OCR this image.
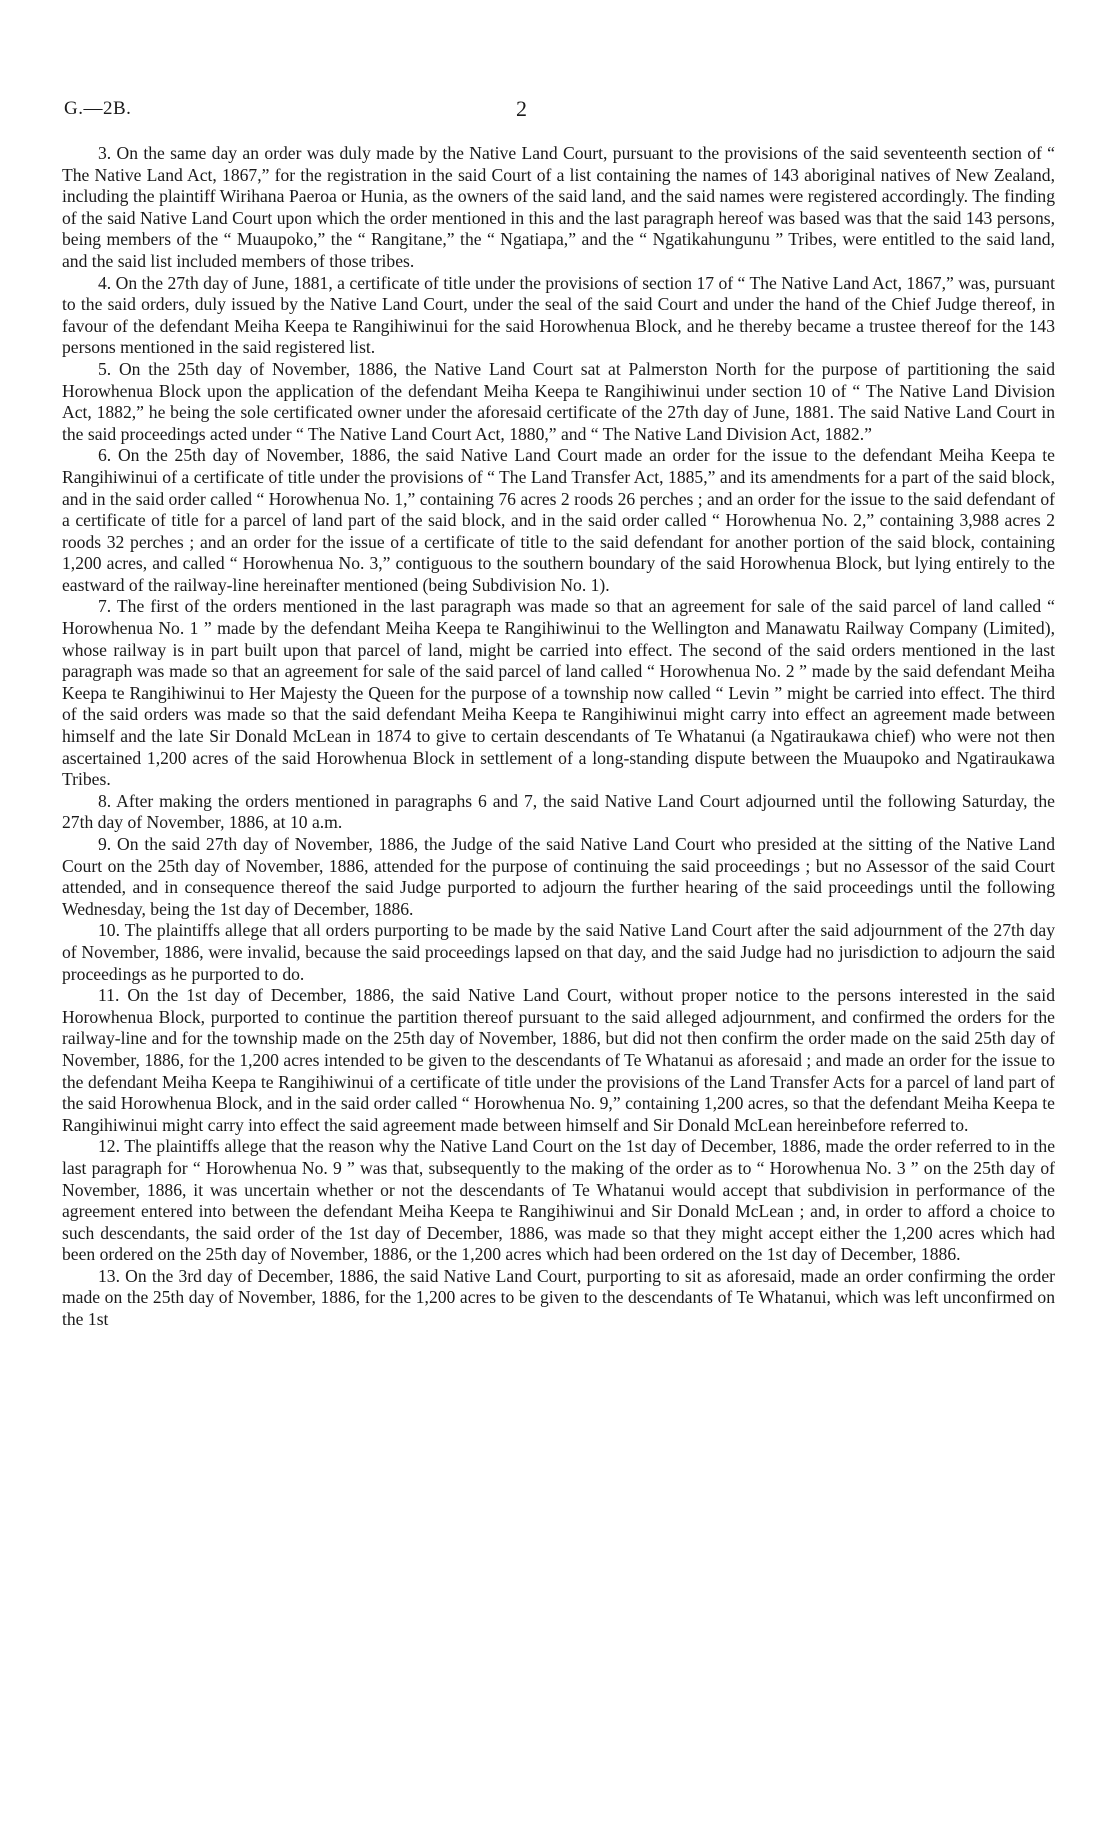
G.—2B.	2

3. On the same day an order was duly made by the Native Land Court, pursuant to the provisions of the said seventeenth section of “ The Native Land Act, 1867,” for the registration in the said Court of a list containing the names of 143 aboriginal natives of New Zealand, including the plaintiff Wirihana Paeroa or Hunia, as the owners of the said land, and the said names were registered accordingly. The finding of the said Native Land Court upon which the order mentioned in this and the last paragraph hereof was based was that the said 143 persons, being members of the “ Muaupoko,” the “ Rangitane,” the “ Ngatiapa,” and the “ Ngatikahungunu ” Tribes, were entitled to the said land, and the said list included members of those tribes.

4. On the 27th day of June, 1881, a certificate of title under the provisions of section 17 of “ The Native Land Act, 1867,” was, pursuant to the said orders, duly issued by the Native Land Court, under the seal of the said Court and under the hand of the Chief Judge thereof, in favour of the defendant Meiha Keepa te Rangihiwinui for the said Horowhenua Block, and he thereby became a trustee thereof for the 143 persons mentioned in the said registered list.

5. On the 25th day of November, 1886, the Native Land Court sat at Palmerston North for the purpose of partitioning the said Horowhenua Block upon the application of the defendant Meiha Keepa te Rangihiwinui under section 10 of “ The Native Land Division Act, 1882,” he being the sole certificated owner under the aforesaid certificate of the 27th day of June, 1881. The said Native Land Court in the said proceedings acted under “ The Native Land Court Act, 1880,” and “ The Native Land Division Act, 1882.”

6. On the 25th day of November, 1886, the said Native Land Court made an order for the issue to the defendant Meiha Keepa te Rangihiwinui of a certificate of title under the provisions of “ The Land Transfer Act, 1885,” and its amendments for a part of the said block, and in the said order called “ Horowhenua No. 1,” containing 76 acres 2 roods 26 perches ; and an order for the issue to the said defendant of a certificate of title for a parcel of land part of the said block, and in the said order called “ Horowhenua No. 2,” containing 3,988 acres 2 roods 32 perches ; and an order for the issue of a certificate of title to the said defendant for another portion of the said block, containing 1,200 acres, and called “ Horowhenua No. 3,” contiguous to the southern boundary of the said Horowhenua Block, but lying entirely to the eastward of the railway-line hereinafter mentioned (being Subdivision No. 1).

7. The first of the orders mentioned in the last paragraph was made so that an agreement for sale of the said parcel of land called “ Horowhenua No. 1 ” made by the defendant Meiha Keepa te Rangihiwinui to the Wellington and Manawatu Railway Company (Limited), whose railway is in part built upon that parcel of land, might be carried into effect. The second of the said orders mentioned in the last paragraph was made so that an agreement for sale of the said parcel of land called “ Horowhenua No. 2 ” made by the said defendant Meiha Keepa te Rangihiwinui to Her Majesty the Queen for the purpose of a township now called “ Levin ” might be carried into effect. The third of the said orders was made so that the said defendant Meiha Keepa te Rangihiwinui might carry into effect an agreement made between himself and the late Sir Donald McLean in 1874 to give to certain descendants of Te Whatanui (a Ngatiraukawa chief) who were not then ascertained 1,200 acres of the said Horowhenua Block in settlement of a long-standing dispute between the Muaupoko and Ngatiraukawa Tribes.

8. After making the orders mentioned in paragraphs 6 and 7, the said Native Land Court adjourned until the following Saturday, the 27th day of November, 1886, at 10 a.m.

9. On the said 27th day of November, 1886, the Judge of the said Native Land Court who presided at the sitting of the Native Land Court on the 25th day of November, 1886, attended for the purpose of continuing the said proceedings ; but no Assessor of the said Court attended, and in consequence thereof the said Judge purported to adjourn the further hearing of the said proceedings until the following Wednesday, being the 1st day of December, 1886.

10. The plaintiffs allege that all orders purporting to be made by the said Native Land Court after the said adjournment of the 27th day of November, 1886, were invalid, because the said proceedings lapsed on that day, and the said Judge had no jurisdiction to adjourn the said proceedings as he purported to do.

11. On the 1st day of December, 1886, the said Native Land Court, without proper notice to the persons interested in the said Horowhenua Block, purported to continue the partition thereof pursuant to the said alleged adjournment, and confirmed the orders for the railway-line and for the township made on the 25th day of November, 1886, but did not then confirm the order made on the said 25th day of November, 1886, for the 1,200 acres intended to be given to the descendants of Te Whatanui as aforesaid ; and made an order for the issue to the defendant Meiha Keepa te Rangihiwinui of a certificate of title under the provisions of the Land Transfer Acts for a parcel of land part of the said Horowhenua Block, and in the said order called “ Horowhenua No. 9,” containing 1,200 acres, so that the defendant Meiha Keepa te Rangihiwinui might carry into effect the said agreement made between himself and Sir Donald McLean hereinbefore referred to.

12. The plaintiffs allege that the reason why the Native Land Court on the 1st day of December, 1886, made the order referred to in the last paragraph for “ Horowhenua No. 9 ” was that, subsequently to the making of the order as to “ Horowhenua No. 3 ” on the 25th day of November, 1886, it was uncertain whether or not the descendants of Te Whatanui would accept that subdivision in performance of the agreement entered into between the defendant Meiha Keepa te Rangihiwinui and Sir Donald McLean ; and, in order to afford a choice to such descendants, the said order of the 1st day of December, 1886, was made so that they might accept either the 1,200 acres which had been ordered on the 25th day of November, 1886, or the 1,200 acres which had been ordered on the 1st day of December, 1886.

13. On the 3rd day of December, 1886, the said Native Land Court, purporting to sit as aforesaid, made an order confirming the order made on the 25th day of November, 1886, for the 1,200 acres to be given to the descendants of Te Whatanui, which was left unconfirmed on the 1st
